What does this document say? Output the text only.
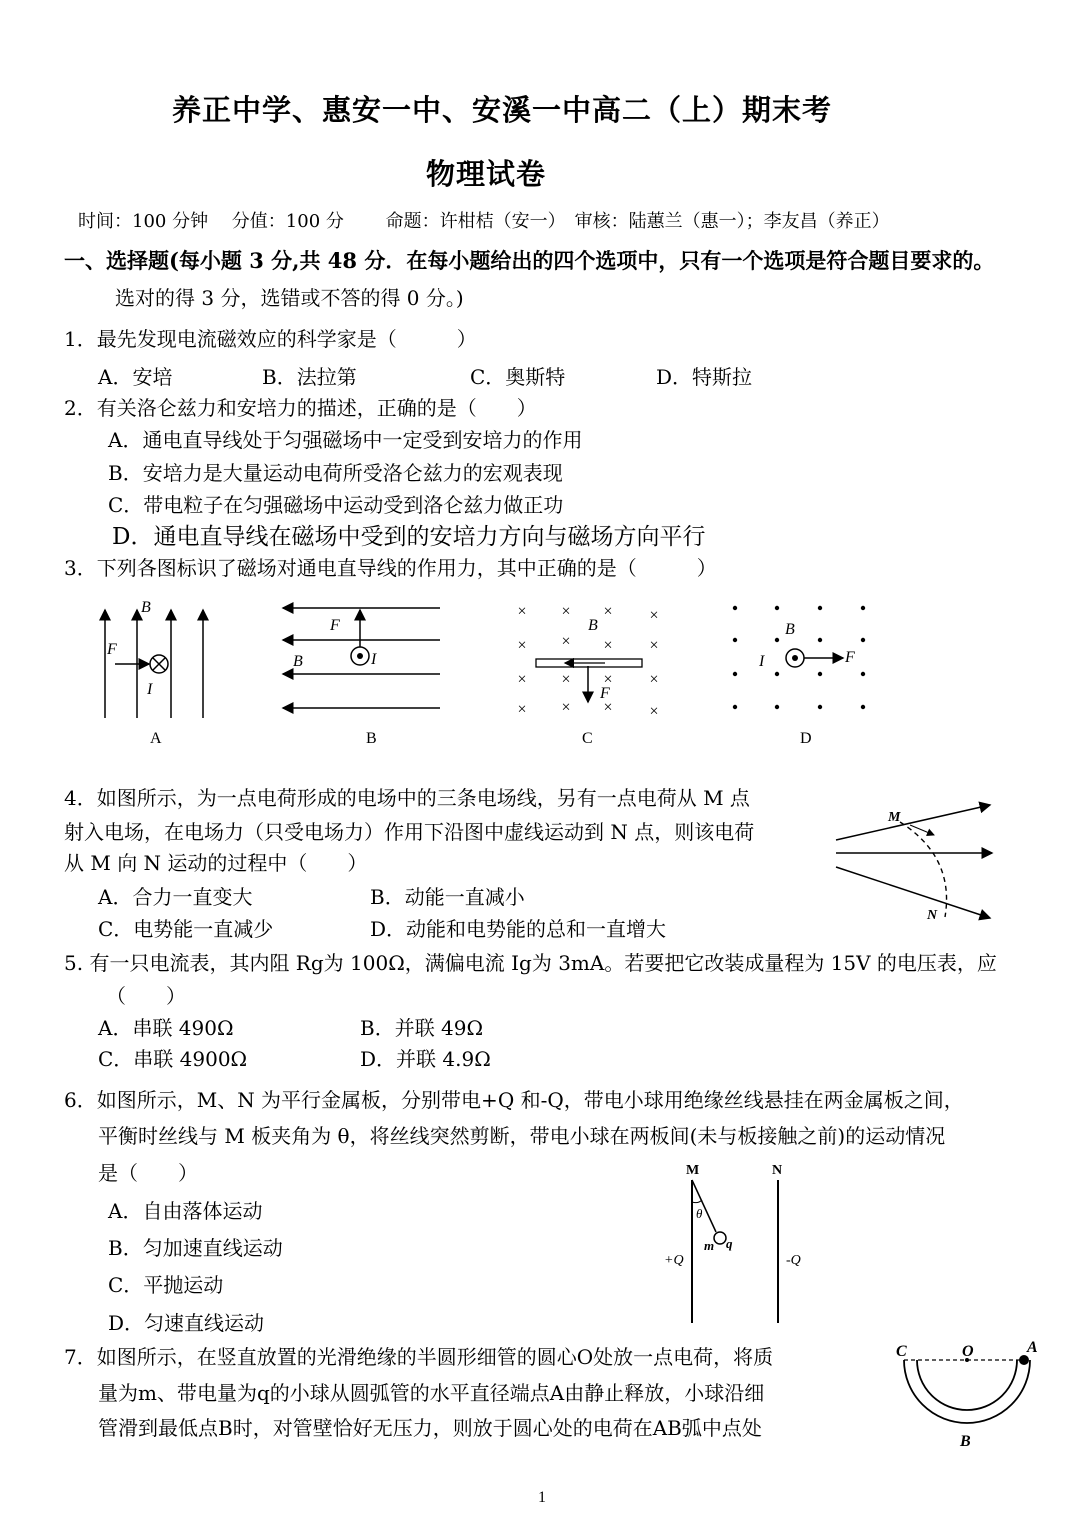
养正中学、惠安一中、安溪一中高二（上）期末考
物理试卷
时间：100 分钟　 分值：100 分　　 命题：许柑桔（安一）　审核：陆蕙兰（惠一）；李友昌（养正）
一、选择题(每小题 3 分,共 48 分．在每小题给出的四个选项中，只有一个选项是符合题目要求的。
选对的得 3 分，选错或不答的得 0 分。)
1．最先发现电流磁效应的科学家是（　　　）
A．安培	B．法拉第	C．奥斯特	D．特斯拉
2．有关洛仑兹力和安培力的描述，正确的是（　　）
A．通电直导线处于匀强磁场中一定受到安培力的作用
B．安培力是大量运动电荷所受洛仑兹力的宏观表现
C．带电粒子在匀强磁场中运动受到洛仑兹力做正功
D．通电直导线在磁场中受到的安培力方向与磁场方向平行
3．下列各图标识了磁场对通电直导线的作用力，其中正确的是（　　　）
B
F
I
A
F
B	I
B
× × × ×
× × × ×
× × × ×
× × × ×
B
F
C
B
I	F
D
4．如图所示，为一点电荷形成的电场中的三条电场线，另有一点电荷从 M 点
射入电场，在电场力（只受电场力）作用下沿图中虚线运动到 N 点，则该电荷
从 M 向 N 运动的过程中（　　）
A．合力一直变大	B．动能一直减小
C．电势能一直减少	D．动能和电势能的总和一直增大
M
N
5. 有一只电流表，其内阻 Rg为 100Ω，满偏电流 Ig为 3mA。若要把它改装成量程为 15V 的电压表，应
（　　）
A．串联 490Ω	B．并联 49Ω
C．串联 4900Ω	D．并联 4.9Ω
6．如图所示，M、N 为平行金属板，分别带电+Q 和-Q，带电小球用绝缘丝线悬挂在两金属板之间，
平衡时丝线与 M 板夹角为 θ，将丝线突然剪断，带电小球在两板间(未与板接触之前)的运动情况
是（　　）
A．自由落体运动
B．匀加速直线运动
C．平抛运动
D．匀速直线运动
M	N
θ
m q
+Q	-Q
7．如图所示，在竖直放置的光滑绝缘的半圆形细管的圆心O处放一点电荷，将质
量为m、带电量为q的小球从圆弧管的水平直径端点A由静止释放，小球沿细
管滑到最低点B时，对管壁恰好无压力，则放于圆心处的电荷在AB弧中点处
C	O	A
B
1
